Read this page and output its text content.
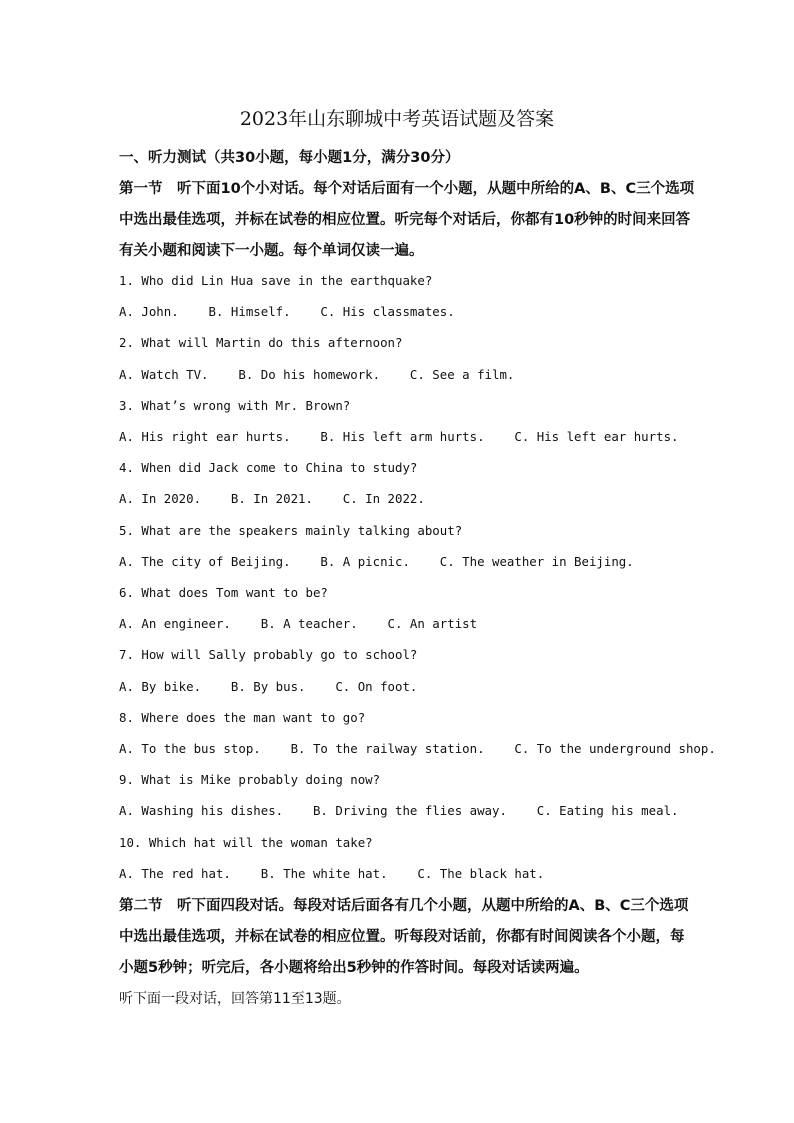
2023年山东聊城中考英语试题及答案
一、听力测试（共30小题，每小题1分，满分30分）
第一节　听下面10个小对话。每个对话后面有一个小题，从题中所给的A、B、C三个选项
中选出最佳选项，并标在试卷的相应位置。听完每个对话后，你都有10秒钟的时间来回答
有关小题和阅读下一小题。每个单词仅读一遍。
1. Who did Lin Hua save in the earthquake?
A. John.    B. Himself.    C. His classmates.
2. What will Martin do this afternoon?
A. Watch TV.    B. Do his homework.    C. See a film.
3. What’s wrong with Mr. Brown?
A. His right ear hurts.    B. His left arm hurts.    C. His left ear hurts.
4. When did Jack come to China to study?
A. In 2020.    B. In 2021.    C. In 2022.
5. What are the speakers mainly talking about?
A. The city of Beijing.    B. A picnic.    C. The weather in Beijing.
6. What does Tom want to be?
A. An engineer.    B. A teacher.    C. An artist
7. How will Sally probably go to school?
A. By bike.    B. By bus.    C. On foot.
8. Where does the man want to go?
A. To the bus stop.    B. To the railway station.    C. To the underground shop.
9. What is Mike probably doing now?
A. Washing his dishes.    B. Driving the flies away.    C. Eating his meal.
10. Which hat will the woman take?
A. The red hat.    B. The white hat.    C. The black hat.
第二节　听下面四段对话。每段对话后面各有几个小题，从题中所给的A、B、C三个选项
中选出最佳选项，并标在试卷的相应位置。听每段对话前，你都有时间阅读各个小题，每
小题5秒钟；听完后，各小题将给出5秒钟的作答时间。每段对话读两遍。
听下面一段对话，回答第11至13题。
